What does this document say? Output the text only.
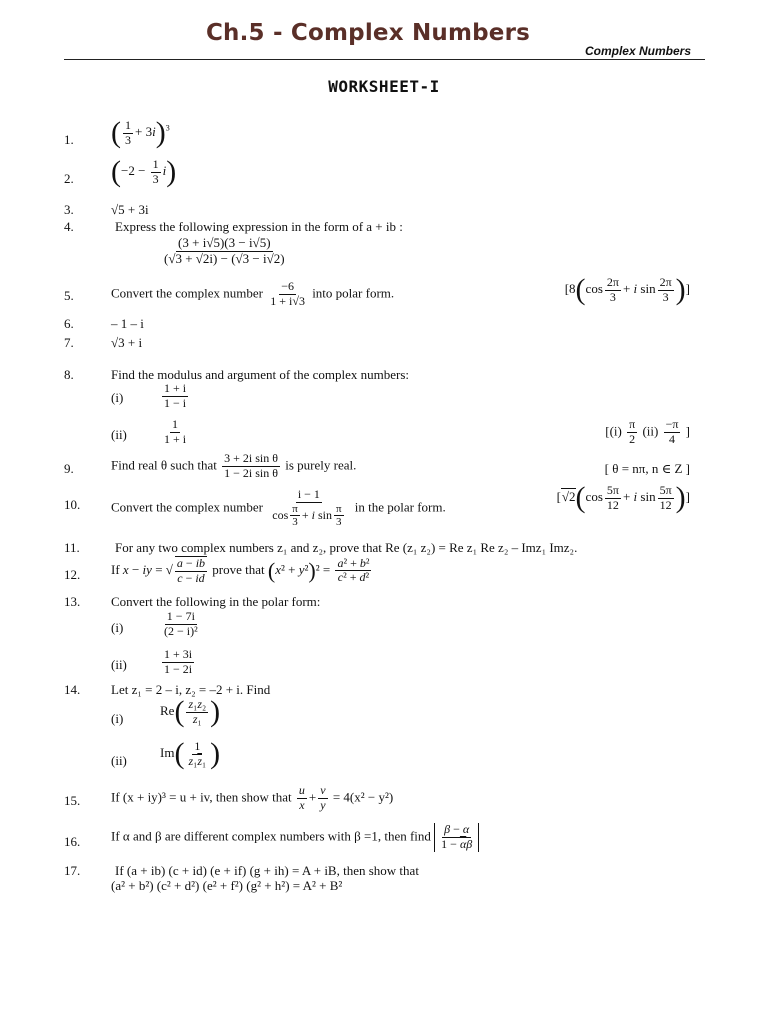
Ch.5 - Complex Numbers
Complex Numbers
WORKSHEET-I
1. ( $\frac{1}{3} + 3i)^3$
2. $(-2 - \frac{1}{3} i)$
3.	√5 + 3i
4.	Express the following expression in the form of a + ib :
$\frac{(3 + i√5)(3 - i√5)}{(√3 + √2i) - (√3 - i√2)}$
5.	Convert the complex number $\frac{-6}{1 + i√3}$ into polar form.	[$8(\cos \frac{2\pi}{3} + i$ $\sin \frac{2\pi}{3}$ )]
6.	– 1 – i
7.	√3 + i
8.	Find the modulus and argument of the complex numbers:
(i)	$\frac{1 + i}{1 - i}$
(ii)	$\frac{1}{1 + i}$	[$(i) \frac{\pi}{2} (ii) \frac{-\pi}{4}$ ]
9.	Find real θ such that $\frac{\text{3 + 2i sin θ}}{\text{1 − 2i sin θ}}$ is purely real.	[ θ = nπ, n ∈ Z ]
10. Convert the complex number $\frac{i - 1}{\cos \frac{\pi}{3} + i \sin \frac{\pi}{3}}$ in the polar form.
[$√2(\cos \frac{5\pi}{12} + i$ $\sin \frac{5\pi}{12}$ )]
11.	For any two complex numbers z₁ and z₂, prove that Re (z₁ z₂) = Re z₁ Re z₂ – Imz₁ Imz₂.
12. If x − iy = √ $\frac{a - ib}{c - id}$ prove that $(x^2 + y^2)^2 = \frac{\text{a² + b²}}{\text{c² + d²}}$
13. Convert the following in the polar form:
(i)	$\frac{1 - 7i}{\text{(2 − i)²}}$
(ii)	$\frac{1 + 3i}{1 - 2i}$
14. Let z₁ = 2 – i, z₂ = –2 + i. Find
(i)
$Re( \frac{\text{z₁z₂}}{\text{z₁}}$ )
(ii)
$Im( \frac{1}{z_1\overline{z}_1}$ )
15. If (x + iy)³ = u + iv, then show that $\frac{u}{x} + \frac{v}{y} = 4(x^2 - y^2)$
16. If α and β are different complex numbers with β =1, then find $\frac{\beta - \alpha}{1 - \overline{\alpha}\beta}$
17.	If (a + ib) (c + id) (e + if) (g + ih) = A + iB, then show that
(a² + b²) (c² + d²) (e² + f²) (g² + h²) = A² + B²
